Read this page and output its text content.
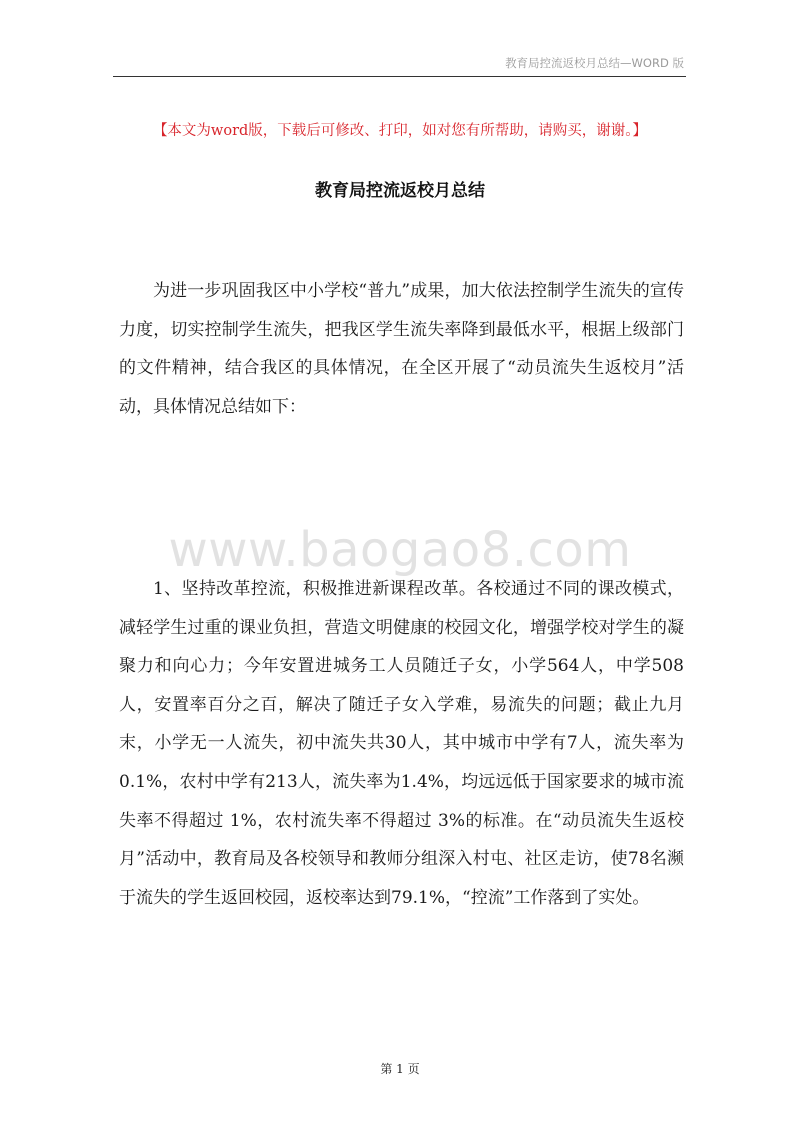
教育局控流返校月总结—WORD 版
【本文为word版，下载后可修改、打印，如对您有所帮助，请购买，谢谢。】
教育局控流返校月总结

为进一步巩固我区中小学校“普九”成果，加大依法控制学生流失的宣传力度，切实控制学生流失，把我区学生流失率降到最低水平，根据上级部门的文件精神，结合我区的具体情况，在全区开展了“动员流失生返校月”活动，具体情况总结如下：

www.baogao8.com

1、坚持改革控流，积极推进新课程改革。各校通过不同的课改模式，减轻学生过重的课业负担，营造文明健康的校园文化，增强学校对学生的凝聚力和向心力；今年安置进城务工人员随迁子女，小学564人，中学508人，安置率百分之百，解决了随迁子女入学难，易流失的问题；截止九月末，小学无一人流失，初中流失共30人，其中城市中学有7人，流失率为0.1%，农村中学有213人，流失率为1.4%，均远远低于国家要求的城市流失率不得超过 1%，农村流失率不得超过 3%的标准。在“动员流失生返校月”活动中，教育局及各校领导和教师分组深入村屯、社区走访，使78名濒于流失的学生返回校园，返校率达到79.1%，“控流”工作落到了实处。

第 1 页
